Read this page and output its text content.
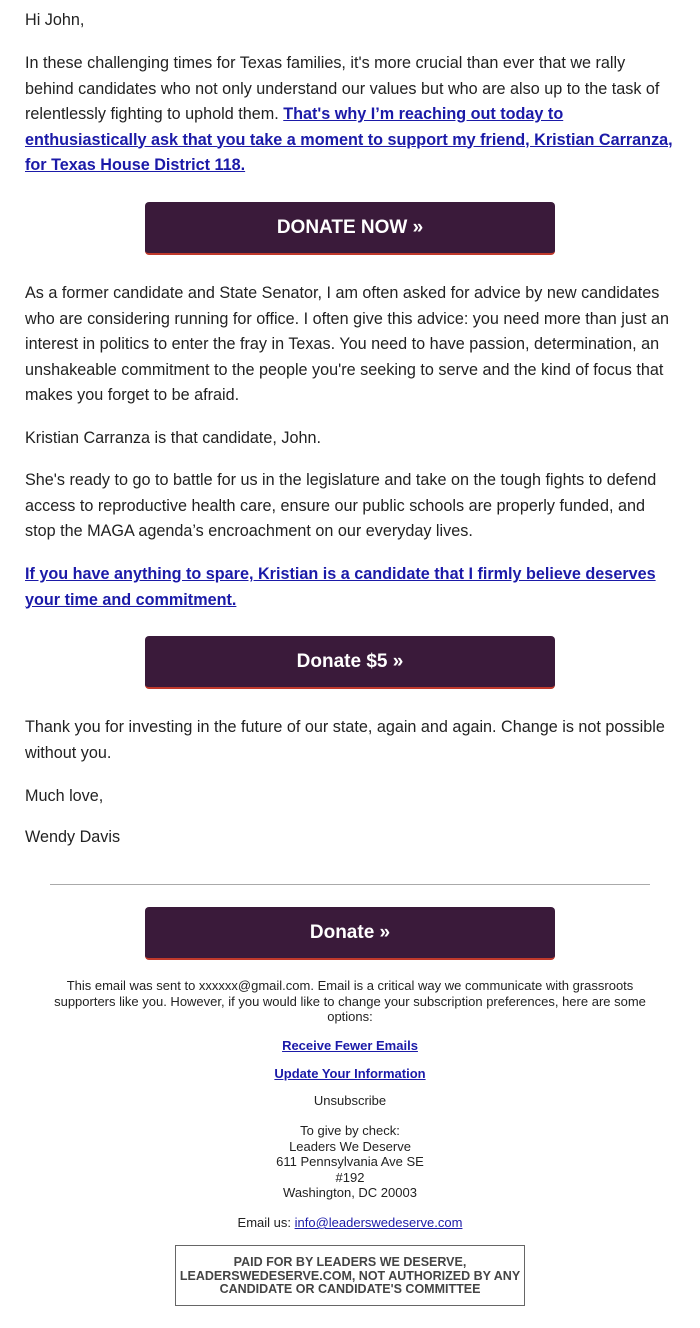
Hi John,

In these challenging times for Texas families, it's more crucial than ever that we rally behind candidates who not only understand our values but who are also up to the task of relentlessly fighting to uphold them. That's why I’m reaching out today to enthusiastically ask that you take a moment to support my friend, Kristian Carranza, for Texas House District 118.

DONATE NOW »

As a former candidate and State Senator, I am often asked for advice by new candidates who are considering running for office. I often give this advice: you need more than just an interest in politics to enter the fray in Texas. You need to have passion, determination, an unshakeable commitment to the people you're seeking to serve and the kind of focus that makes you forget to be afraid.

Kristian Carranza is that candidate, John.

She's ready to go to battle for us in the legislature and take on the tough fights to defend access to reproductive health care, ensure our public schools are properly funded, and stop the MAGA agenda’s encroachment on our everyday lives.

If you have anything to spare, Kristian is a candidate that I firmly believe deserves your time and commitment.

Donate $5 »

Thank you for investing in the future of our state, again and again. Change is not possible without you.

Much love,

Wendy Davis

Donate »
This email was sent to xxxxxx@gmail.com. Email is a critical way we communicate with grassroots supporters like you. However, if you would like to change your subscription preferences, here are some options:
Receive Fewer Emails
Update Your Information
Unsubscribe
To give by check:
Leaders We Deserve
611 Pennsylvania Ave SE
#192
Washington, DC 20003
Email us: info@leaderswedeserve.com
PAID FOR BY LEADERS WE DESERVE, LEADERSWEDESERVE.COM, NOT AUTHORIZED BY ANY CANDIDATE OR CANDIDATE'S COMMITTEE
